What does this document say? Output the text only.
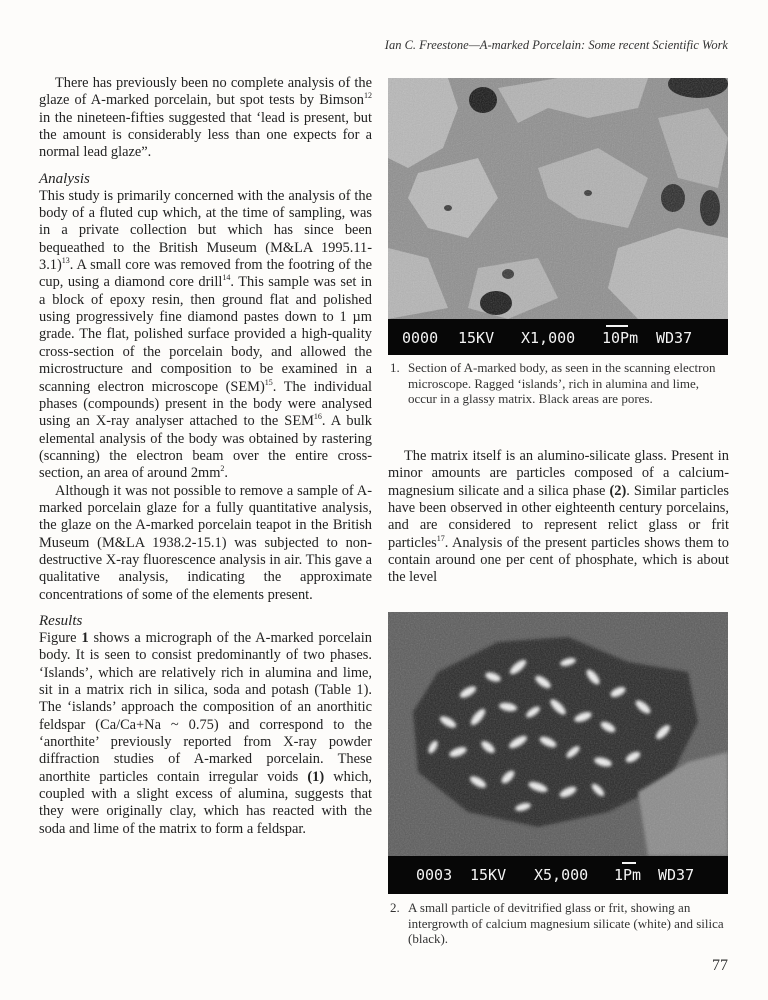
Ian C. Freestone—A-marked Porcelain: Some recent Scientific Work

There has previously been no complete analysis of the glaze of A-marked porcelain, but spot tests by Bimson$^{12}$ in the nineteen-fifties suggested that ‘lead is present, but the amount is considerably less than one expects for a normal lead glaze”.

Analysis

This study is primarily concerned with the analysis of the body of a fluted cup which, at the time of sampling, was in a private collection but which has since been bequeathed to the British Museum (M&LA 1995.11-3.1)$^{13}$. A small core was removed from the footring of the cup, using a diamond core drill$^{14}$. This sample was set in a block of epoxy resin, then ground flat and polished using progressively fine diamond pastes down to 1 µm grade. The flat, polished surface provided a high-quality cross-section of the porcelain body, and allowed the microstructure and composition to be examined in a scanning electron microscope (SEM)$^{15}$. The individual phases (compounds) present in the body were analysed using an X-ray analyser attached to the SEM$^{16}$. A bulk elemental analysis of the body was obtained by rastering (scanning) the electron beam over the entire cross-section, an area of around $2mm^2$.

Although it was not possible to remove a sample of A-marked porcelain glaze for a fully quantitative analysis, the glaze on the A-marked porcelain teapot in the British Museum (M&LA 1938.2-15.1) was subjected to non-destructive X-ray fluorescence analysis in air. This gave a qualitative analysis, indicating the approximate concentrations of some of the elements present.

Results

Figure 1 shows a micrograph of the A-marked porcelain body. It is seen to consist predominantly of two phases. ‘Islands’, which are relatively rich in alumina and lime, sit in a matrix rich in silica, soda and potash (Table 1). The ‘islands’ approach the composition of an anorthitic feldspar (Ca/Ca+Na ~ 0.75) and correspond to the ‘anorthite’ previously reported from X-ray powder diffraction studies of A-marked porcelain. These anorthite particles contain irregular voids (1) which, coupled with a slight excess of alumina, suggests that they were originally clay, which has reacted with the soda and lime of the matrix to form a feldspar.

0000 15KV X1,000 10Pm WD37
1. Section of A-marked body, as seen in the scanning electron microscope. Ragged ‘islands’, rich in alumina and lime, occur in a glassy matrix. Black areas are pores.

The matrix itself is an alumino-silicate glass. Present in minor amounts are particles composed of a calcium-magnesium silicate and a silica phase (2). Similar particles have been observed in other eighteenth century porcelains, and are considered to represent relict glass or frit particles$^{17}$. Analysis of the present particles shows them to contain around one per cent of phosphate, which is about the level

0003 15KV X5,000 1Pm WD37
2. A small particle of devitrified glass or frit, showing an intergrowth of calcium magnesium silicate (white) and silica (black).
77
